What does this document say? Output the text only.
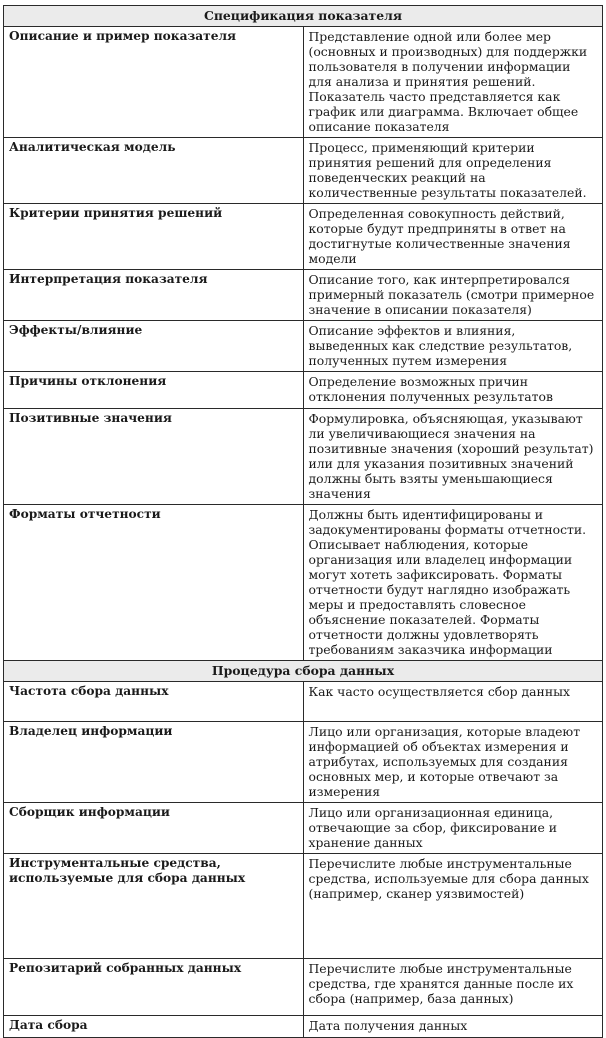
Спецификация показателя	
Описание и пример показателя	Представление одной или более мер (основных и производных) для поддержки пользователя в получении информации для анализа и принятия решений. Показатель часто представляется как график или диаграмма. Включает общее описание показателя
Аналитическая модель	Процесс, применяющий критерии принятия решений для определения поведенческих реакций на количественные результаты показателей.
Критерии принятия решений	Определенная совокупность действий, которые будут предприняты в ответ на достигнутые количественные значения модели
Интерпретация показателя	Описание того, как интерпретировался примерный показатель (смотри примерное значение в описании показателя)
Эффекты/влияние	Описание эффектов и влияния, выведенных как следствие результатов, полученных путем измерения
Причины отклонения	Определение возможных причин отклонения полученных результатов
Позитивные значения	Формулировка, объясняющая, указывают ли увеличивающиеся значения на позитивные значения (хороший результат) или для указания позитивных значений должны быть взяты уменьшающиеся значения
Форматы отчетности	Должны быть идентифицированы и задокументированы форматы отчетности. Описывает наблюдения, которые организация или владелец информации могут хотеть зафиксировать. Форматы отчетности будут наглядно изображать меры и предоставлять словесное объяснение показателей. Форматы отчетности должны удовлетворять требованиям заказчика информации
Процедура сбора данных	
Частота сбора данных	Как часто осуществляется сбор данных
Владелец информации	Лицо или организация, которые владеют информацией об объектах измерения и атрибутах, используемых для создания основных мер, и которые отвечают за измерения
Сборщик информации	Лицо или организационная единица, отвечающие за сбор, фиксирование и хранение данных
Инструментальные средства, используемые для сбора данных	Перечислите любые инструментальные средства, используемые для сбора данных (например, сканер уязвимостей)
Репозитарий собранных данных	Перечислите любые инструментальные средства, где хранятся данные после их сбора (например, база данных)
Дата сбора	Дата получения данных
